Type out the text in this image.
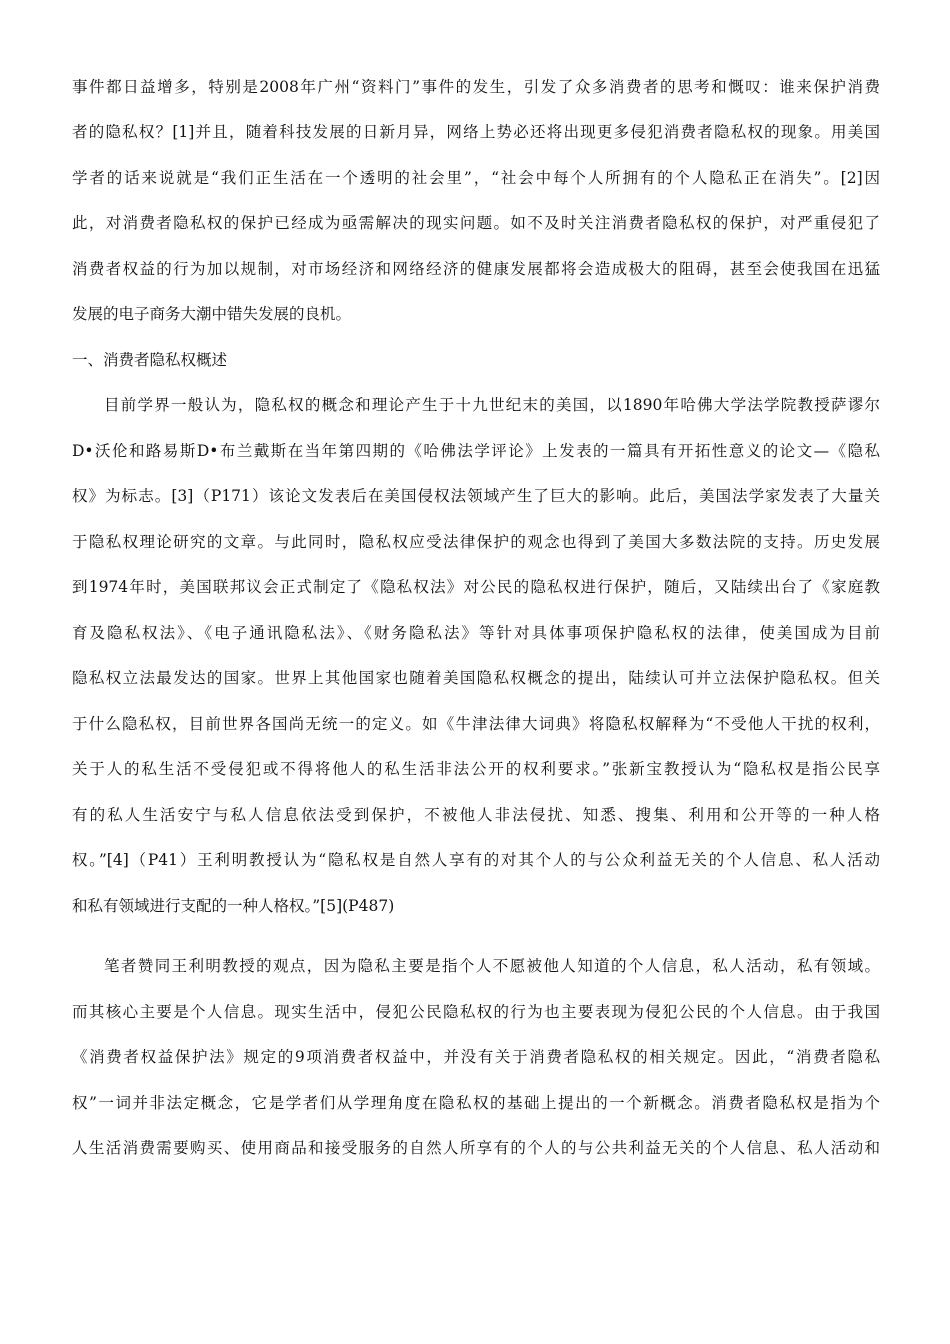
事件都日益增多，特别是2008年广州“资料门”事件的发生，引发了众多消费者的思考和慨叹：谁来保护消费
者的隐私权？[1]并且，随着科技发展的日新月异，网络上势必还将出现更多侵犯消费者隐私权的现象。用美国
学者的话来说就是“我们正生活在一个透明的社会里”，“社会中每个人所拥有的个人隐私正在消失”。[2]因
此，对消费者隐私权的保护已经成为亟需解决的现实问题。如不及时关注消费者隐私权的保护，对严重侵犯了
消费者权益的行为加以规制，对市场经济和网络经济的健康发展都将会造成极大的阻碍，甚至会使我国在迅猛
发展的电子商务大潮中错失发展的良机。
一、消费者隐私权概述
目前学界一般认为，隐私权的概念和理论产生于十九世纪末的美国，以1890年哈佛大学法学院教授萨谬尔
D•沃伦和路易斯D•布兰戴斯在当年第四期的《哈佛法学评论》上发表的一篇具有开拓性意义的论文—《隐私
权》为标志。[3]（P171）该论文发表后在美国侵权法领域产生了巨大的影响。此后，美国法学家发表了大量关
于隐私权理论研究的文章。与此同时，隐私权应受法律保护的观念也得到了美国大多数法院的支持。历史发展
到1974年时，美国联邦议会正式制定了《隐私权法》对公民的隐私权进行保护，随后，又陆续出台了《家庭教
育及隐私权法》、《电子通讯隐私法》、《财务隐私法》等针对具体事项保护隐私权的法律，使美国成为目前
隐私权立法最发达的国家。世界上其他国家也随着美国隐私权概念的提出，陆续认可并立法保护隐私权。但关
于什么隐私权，目前世界各国尚无统一的定义。如《牛津法律大词典》将隐私权解释为“不受他人干扰的权利，
关于人的私生活不受侵犯或不得将他人的私生活非法公开的权利要求。”张新宝教授认为“隐私权是指公民享
有的私人生活安宁与私人信息依法受到保护，不被他人非法侵扰、知悉、搜集、利用和公开等的一种人格
权。”[4]（P41）王利明教授认为“隐私权是自然人享有的对其个人的与公众利益无关的个人信息、私人活动
和私有领域进行支配的一种人格权。”[5](P487)
笔者赞同王利明教授的观点，因为隐私主要是指个人不愿被他人知道的个人信息，私人活动，私有领域。
而其核心主要是个人信息。现实生活中，侵犯公民隐私权的行为也主要表现为侵犯公民的个人信息。由于我国
《消费者权益保护法》规定的9项消费者权益中，并没有关于消费者隐私权的相关规定。因此，“消费者隐私
权”一词并非法定概念，它是学者们从学理角度在隐私权的基础上提出的一个新概念。消费者隐私权是指为个
人生活消费需要购买、使用商品和接受服务的自然人所享有的个人的与公共利益无关的个人信息、私人活动和
